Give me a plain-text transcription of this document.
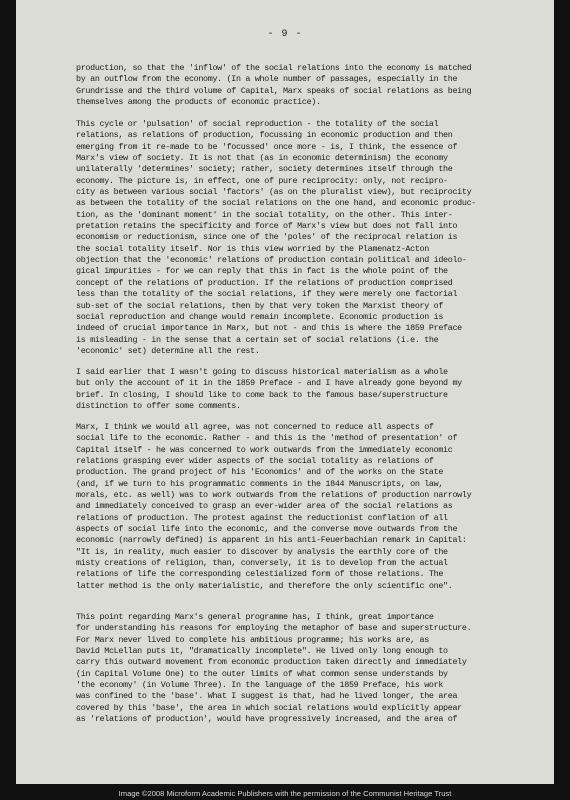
- 9 -
production, so that the 'inflow' of the social relations into the economy is matched
by an outflow from the economy. (In a whole number of passages, especially in the
Grundrisse and the third volume of Capital, Marx speaks of social relations as being
themselves among the products of economic practice).
This cycle or 'pulsation' of social reproduction - the totality of the social
relations, as relations of production, focussing in economic production and then
emerging from it re-made to be 'focussed' once more - is, I think, the essence of
Marx's view of society. It is not that (as in economic determinism) the economy
unilaterally 'determines' society; rather, society determines itself through the
economy. The picture is, in effect, one of pure reciprocity: only, not recipro-
city as between various social 'factors' (as on the pluralist view), but reciprocity
as between the totality of the social relations on the one hand, and economic produc-
tion, as the 'dominant moment' in the social totality, on the other. This inter-
pretation retains the specificity and force of Marx's view but does not fall into
economism or reductionism, since one of the 'poles' of the reciprocal relation is
the social totality itself. Nor is this view worried by the Plamenatz-Acton
objection that the 'economic' relations of production contain political and ideolo-
gical impurities - for we can reply that this in fact is the whole point of the
concept of the relations of production. If the relations of production comprised
less than the totality of the social relations, if they were merely one factorial
sub-set of the social relations, then by that very token the Marxist theory of
social reproduction and change would remain incomplete. Economic production is
indeed of crucial importance in Marx, but not - and this is where the 1859 Preface
is misleading - in the sense that a certain set of social relations (i.e. the
'economic' set) determine all the rest.
I said earlier that I wasn't going to discuss historical materialism as a whole
but only the account of it in the 1859 Preface - and I have already gone beyond my
brief. In closing, I should like to come back to the famous base/superstructure
distinction to offer some comments.
Marx, I think we would all agree, was not concerned to reduce all aspects of
social life to the economic. Rather - and this is the 'method of presentation' of
Capital itself - he was concerned to work outwards from the immediately economic
relations grasping ever wider aspects of the social totality as relations of
production. The grand project of his 'Economics' and of the works on the State
(and, if we turn to his programmatic comments in the 1844 Manuscripts, on law,
morals, etc. as well) was to work outwards from the relations of production narrowly
and immediately conceived to grasp an ever-wider area of the social relations as
relations of production. The protest against the reductionist conflation of all
aspects of social life into the economic, and the converse move outwards from the
economic (narrowly defined) is apparent in his anti-Feuerbachian remark in Capital:
"It is, in reality, much easier to discover by analysis the earthly core of the
misty creations of religion, than, conversely, it is to develop from the actual
relations of life the corresponding celestialized form of those relations. The
latter method is the only materialistic, and therefore the only scientific one".
This point regarding Marx's general programme has, I think, great importance
for understanding his reasons for employing the metaphor of base and superstructure.
For Marx never lived to complete his ambitious programme; his works are, as
David McLellan puts it, "dramatically incomplete". He lived only long enough to
carry this outward movement from economic production taken directly and immediately
(in Capital Volume One) to the outer limits of what common sense understands by
'the economy' (in Volume Three). In the language of the 1859 Preface, his work
was confined to the 'base'. What I suggest is that, had he lived longer, the area
covered by this 'base', the area in which social relations would explicitly appear
as 'relations of production', would have progressively increased, and the area of
Image ©2008 Microform Academic Publishers with the permission of the Communist Heritage Trust
